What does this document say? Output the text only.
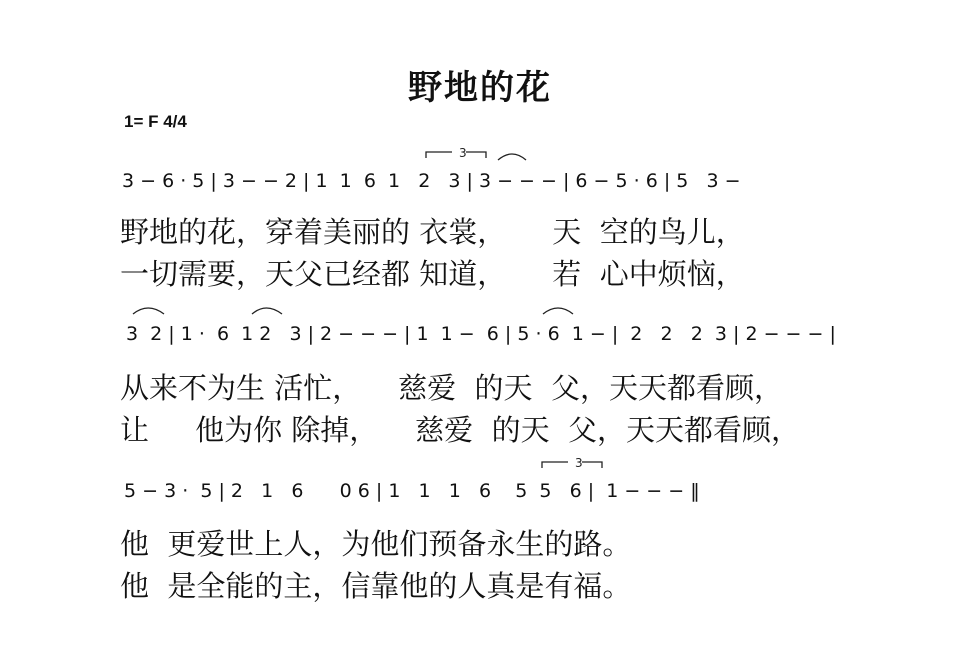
野地的花
1= F 4/4
3 − 6 · 5 | 3 − − 2 | 1  1  6  1   2   3 | 3 − − − | 6 − 5 · 6 | 5   3 −
野地的花，穿着美丽的 衣裳，     天  空的鸟儿，
一切需要，天父已经都 知道，     若  心中烦恼，
3  2 | 1 ·  6  1 2   3 | 2 − − − | 1  1 −  6 | 5 · 6  1 − |  2   2   2  3 | 2 − − − |
从来不为生 活忙，    慈爱  的天  父，天天都看顾，
让     他为你 除掉，    慈爱  的天  父，天天都看顾，
5 − 3 ·  5 | 2   1   6      0 6 | 1   1   1   6    5  5   6 |  1 − − − ‖
他  更爱世上人，为他们预备永生的路。
他  是全能的主，信靠他的人真是有福。
3
3
